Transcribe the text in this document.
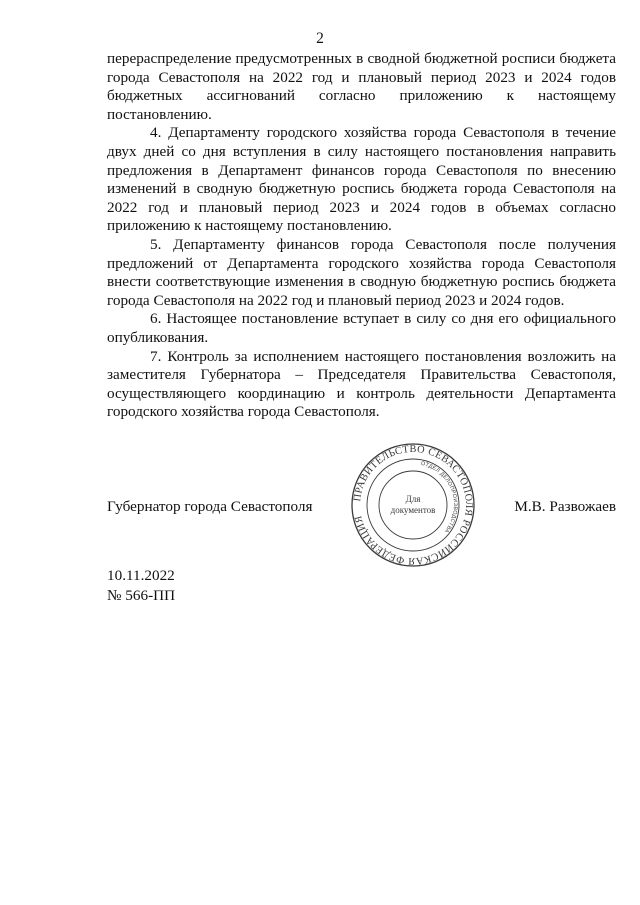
2

перераспределение предусмотренных в сводной бюджетной росписи бюджета города Севастополя на 2022 год и плановый период 2023 и 2024 годов бюджетных ассигнований согласно приложению к настоящему постановлению.

4. Департаменту городского хозяйства города Севастополя в течение двух дней со дня вступления в силу настоящего постановления направить предложения в Департамент финансов города Севастополя по внесению изменений в сводную бюджетную роспись бюджета города Севастополя на 2022 год и плановый период 2023 и 2024 годов в объемах согласно приложению к настоящему постановлению.

5. Департаменту финансов города Севастополя после получения предложений от Департамента городского хозяйства города Севастополя внести соответствующие изменения в сводную бюджетную роспись бюджета города Севастополя на 2022 год и плановый период 2023 и 2024 годов.

6. Настоящее постановление вступает в силу со дня его официального опубликования.

7. Контроль за исполнением настоящего постановления возложить на заместителя Губернатора – Председателя Правительства Севастополя, осуществляющего координацию и контроль деятельности Департамента городского хозяйства города Севастополя.

Губернатор города Севастополя	М.В. Развожаев
ПРАВИТЕЛЬСТВО СЕВАСТОПОЛЯ РОССИЙСКАЯ ФЕДЕРАЦИЯ
ОТДЕЛ ДЕЛОПРОИЗВОДСТВА
Для
документов
10.11.2022
№ 566-ПП
